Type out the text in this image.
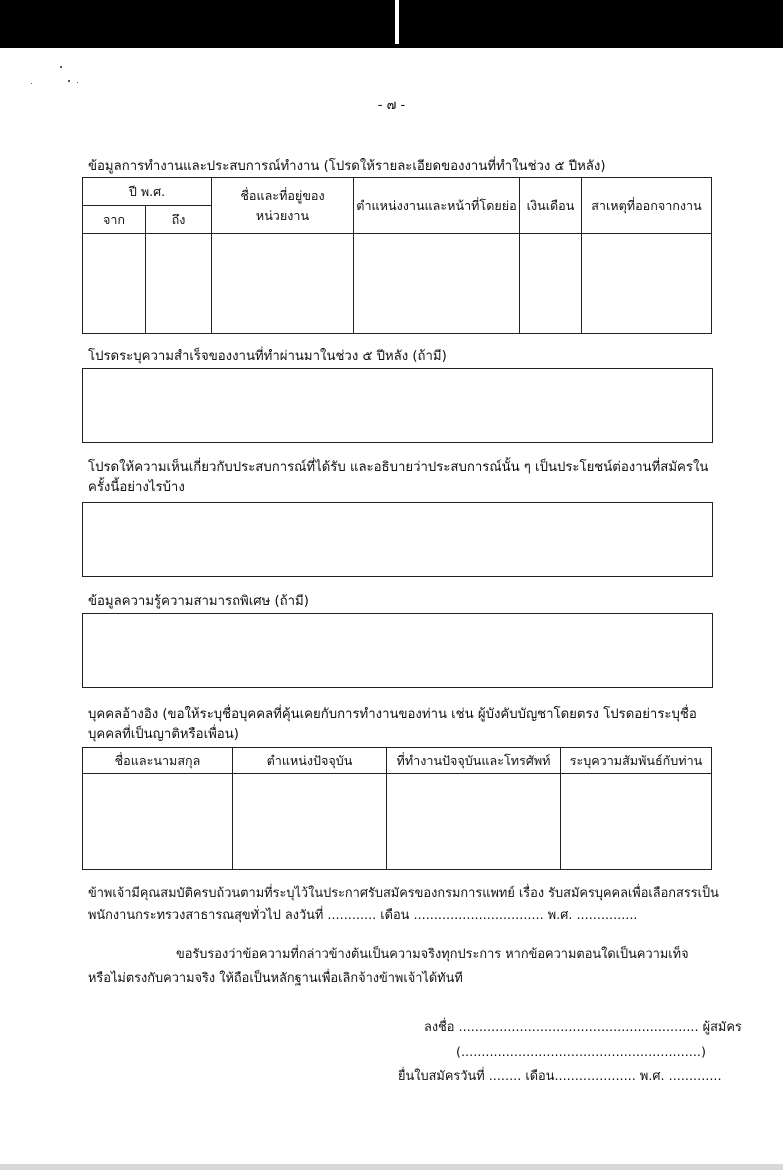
- ๗ -
ข้อมูลการทำงานและประสบการณ์ทำงาน (โปรดให้รายละเอียดของงานที่ทำในช่วง ๕ ปีหลัง)
ปี พ.ศ.		ชื่อและที่อยู่ของหน่วยงาน	ตำแหน่งงานและหน้าที่โดยย่อ	เงินเดือน	สาเหตุที่ออกจากงาน
จาก	ถึง				

โปรดระบุความสำเร็จของงานที่ทำผ่านมาในช่วง ๕ ปีหลัง (ถ้ามี)
โปรดให้ความเห็นเกี่ยวกับประสบการณ์ที่ได้รับ และอธิบายว่าประสบการณ์นั้น ๆ เป็นประโยชน์ต่องานที่สมัครในครั้งนี้อย่างไรบ้าง
ข้อมูลความรู้ความสามารถพิเศษ (ถ้ามี)
บุคคลอ้างอิง (ขอให้ระบุชื่อบุคคลที่คุ้นเคยกับการทำงานของท่าน เช่น ผู้บังคับบัญชาโดยตรง โปรดอย่าระบุชื่อบุคคลที่เป็นญาติหรือเพื่อน)
ชื่อและนามสกุล	ตำแหน่งปัจจุบัน	ที่ทำงานปัจจุบันและโทรศัพท์	ระบุความสัมพันธ์กับท่าน

ข้าพเจ้ามีคุณสมบัติครบถ้วนตามที่ระบุไว้ในประกาศรับสมัครของกรมการแพทย์ เรื่อง รับสมัครบุคคลเพื่อเลือกสรรเป็น
พนักงานกระทรวงสาธารณสุขทั่วไป ลงวันที่ ............ เดือน ................................ พ.ศ. ...............
ขอรับรองว่าข้อความที่กล่าวข้างต้นเป็นความจริงทุกประการ หากข้อความตอนใดเป็นความเท็จ
หรือไม่ตรงกับความจริง ให้ถือเป็นหลักฐานเพื่อเลิกจ้างข้าพเจ้าได้ทันที
ลงชื่อ ........................................................... ผู้สมัคร
(...........................................................)
ยื่นใบสมัครวันที่ ........ เดือน.................... พ.ศ. .............
